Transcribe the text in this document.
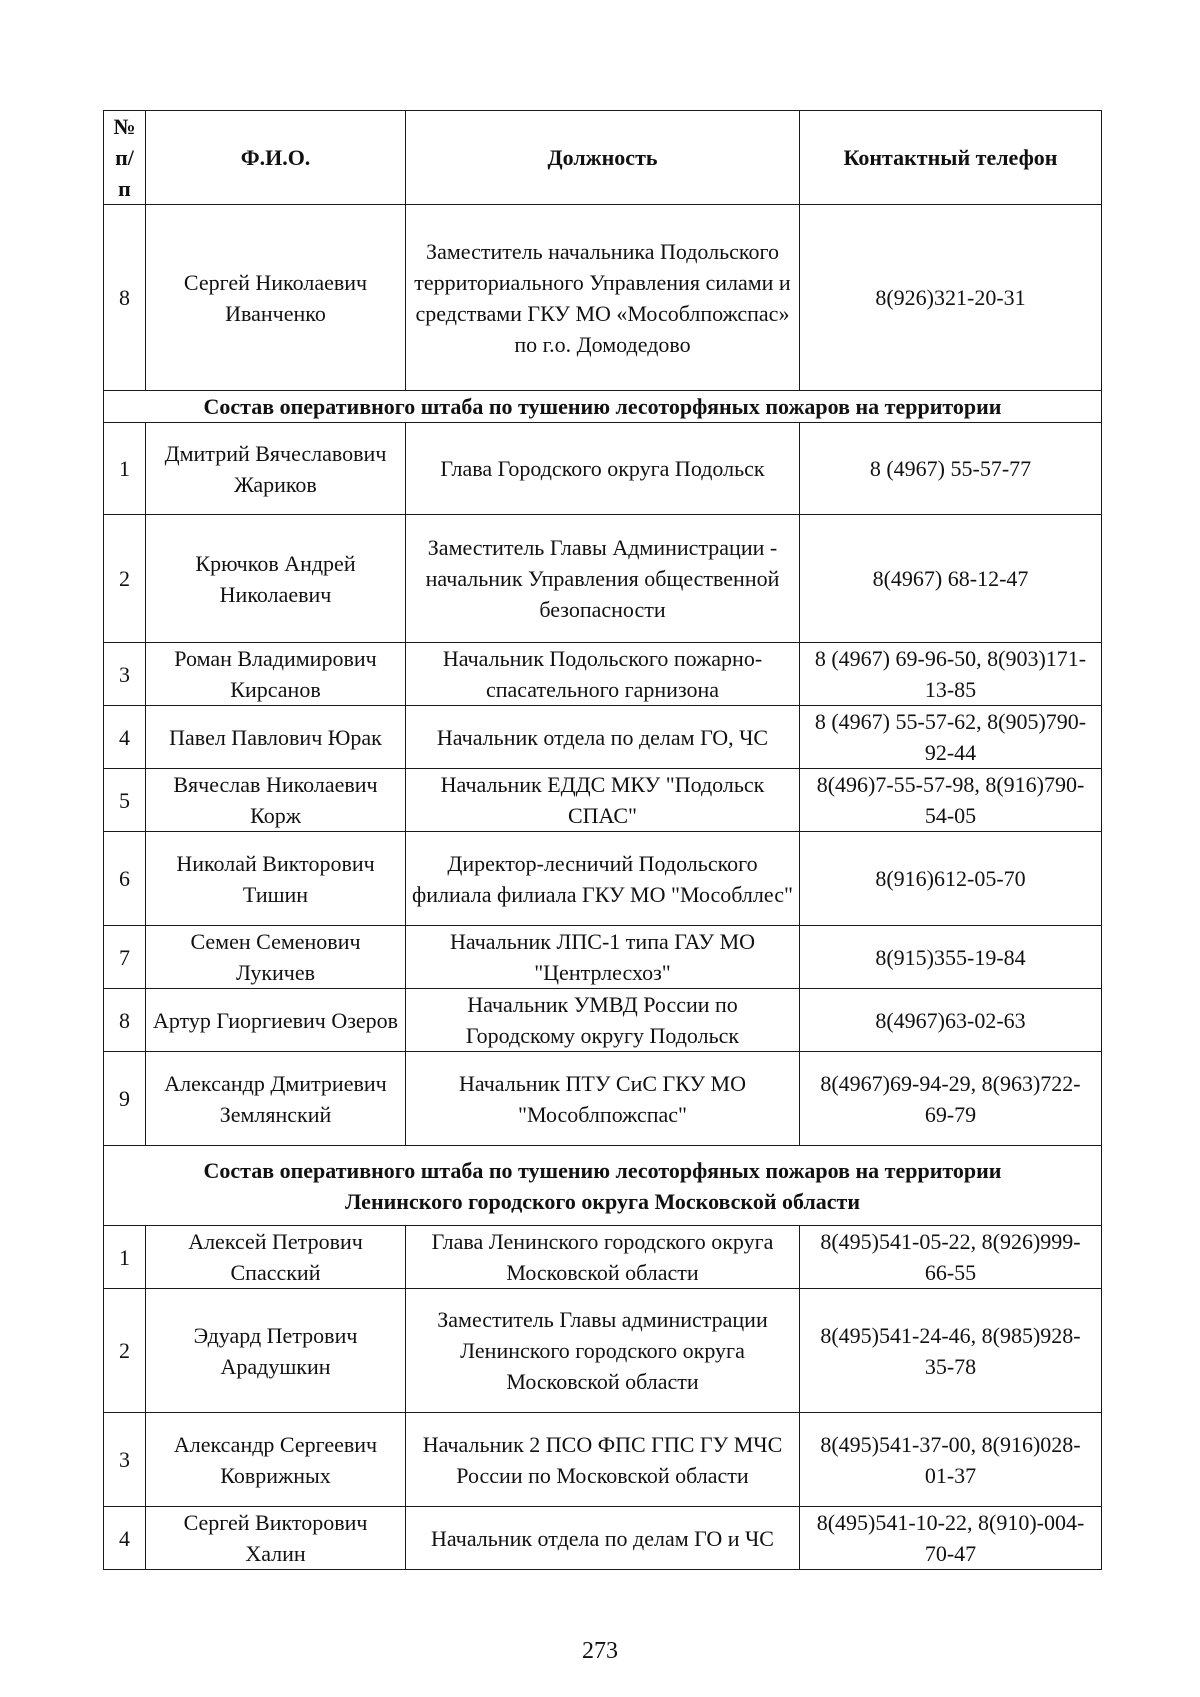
№ п/ п	Ф.И.О.	Должность	Контактный телефон
8	Сергей Николаевич Иванченко	Заместитель начальника Подольского территориального Управления силами и средствами ГКУ МО «Мособлпожспас» по г.о. Домодедово	8(926)321-20-31
Состав оперативного штаба по тушению лесоторфяных пожаров на территории			
1	Дмитрий Вячеславович Жариков	Глава Городского округа Подольск	8 (4967) 55-57-77
2	Крючков Андрей Николаевич	Заместитель Главы Администрации - начальник Управления общественной безопасности	8(4967) 68-12-47
3	Роман Владимирович Кирсанов	Начальник Подольского пожарно-спасательного гарнизона	8 (4967) 69-96-50, 8(903)171-13-85
4	Павел Павлович Юрак	Начальник отдела по делам ГО, ЧС	8 (4967) 55-57-62, 8(905)790-92-44
5	Вячеслав Николаевич Корж	Начальник ЕДДС МКУ "Подольск СПАС"	8(496)7-55-57-98, 8(916)790-54-05
6	Николай Викторович Тишин	Директор-лесничий Подольского филиала филиала ГКУ МО "Мособллес"	8(916)612-05-70
7	Семен Семенович Лукичев	Начальник ЛПС-1 типа ГАУ МО "Центрлесхоз"	8(915)355-19-84
8	Артур Гиоргиевич Озеров	Начальник УМВД России по Городскому округу Подольск	8(4967)63-02-63
9	Александр Дмитриевич Землянский	Начальник ПТУ СиС ГКУ МО "Мособлпожспас"	8(4967)69-94-29, 8(963)722-69-79
Состав оперативного штаба по тушению лесоторфяных пожаров на территории Ленинского городского округа Московской области			
1	Алексей Петрович Спасский	Глава Ленинского городского округа Московской области	8(495)541-05-22, 8(926)999-66-55
2	Эдуард Петрович Арадушкин	Заместитель Главы администрации Ленинского городского округа Московской области	8(495)541-24-46, 8(985)928-35-78
3	Александр Сергеевич Коврижных	Начальник 2 ПСО ФПС ГПС ГУ МЧС России по Московской области	8(495)541-37-00, 8(916)028-01-37
4	Сергей Викторович Халин	Начальник отдела по делам ГО и ЧС	8(495)541-10-22, 8(910)-004-70-47
273
